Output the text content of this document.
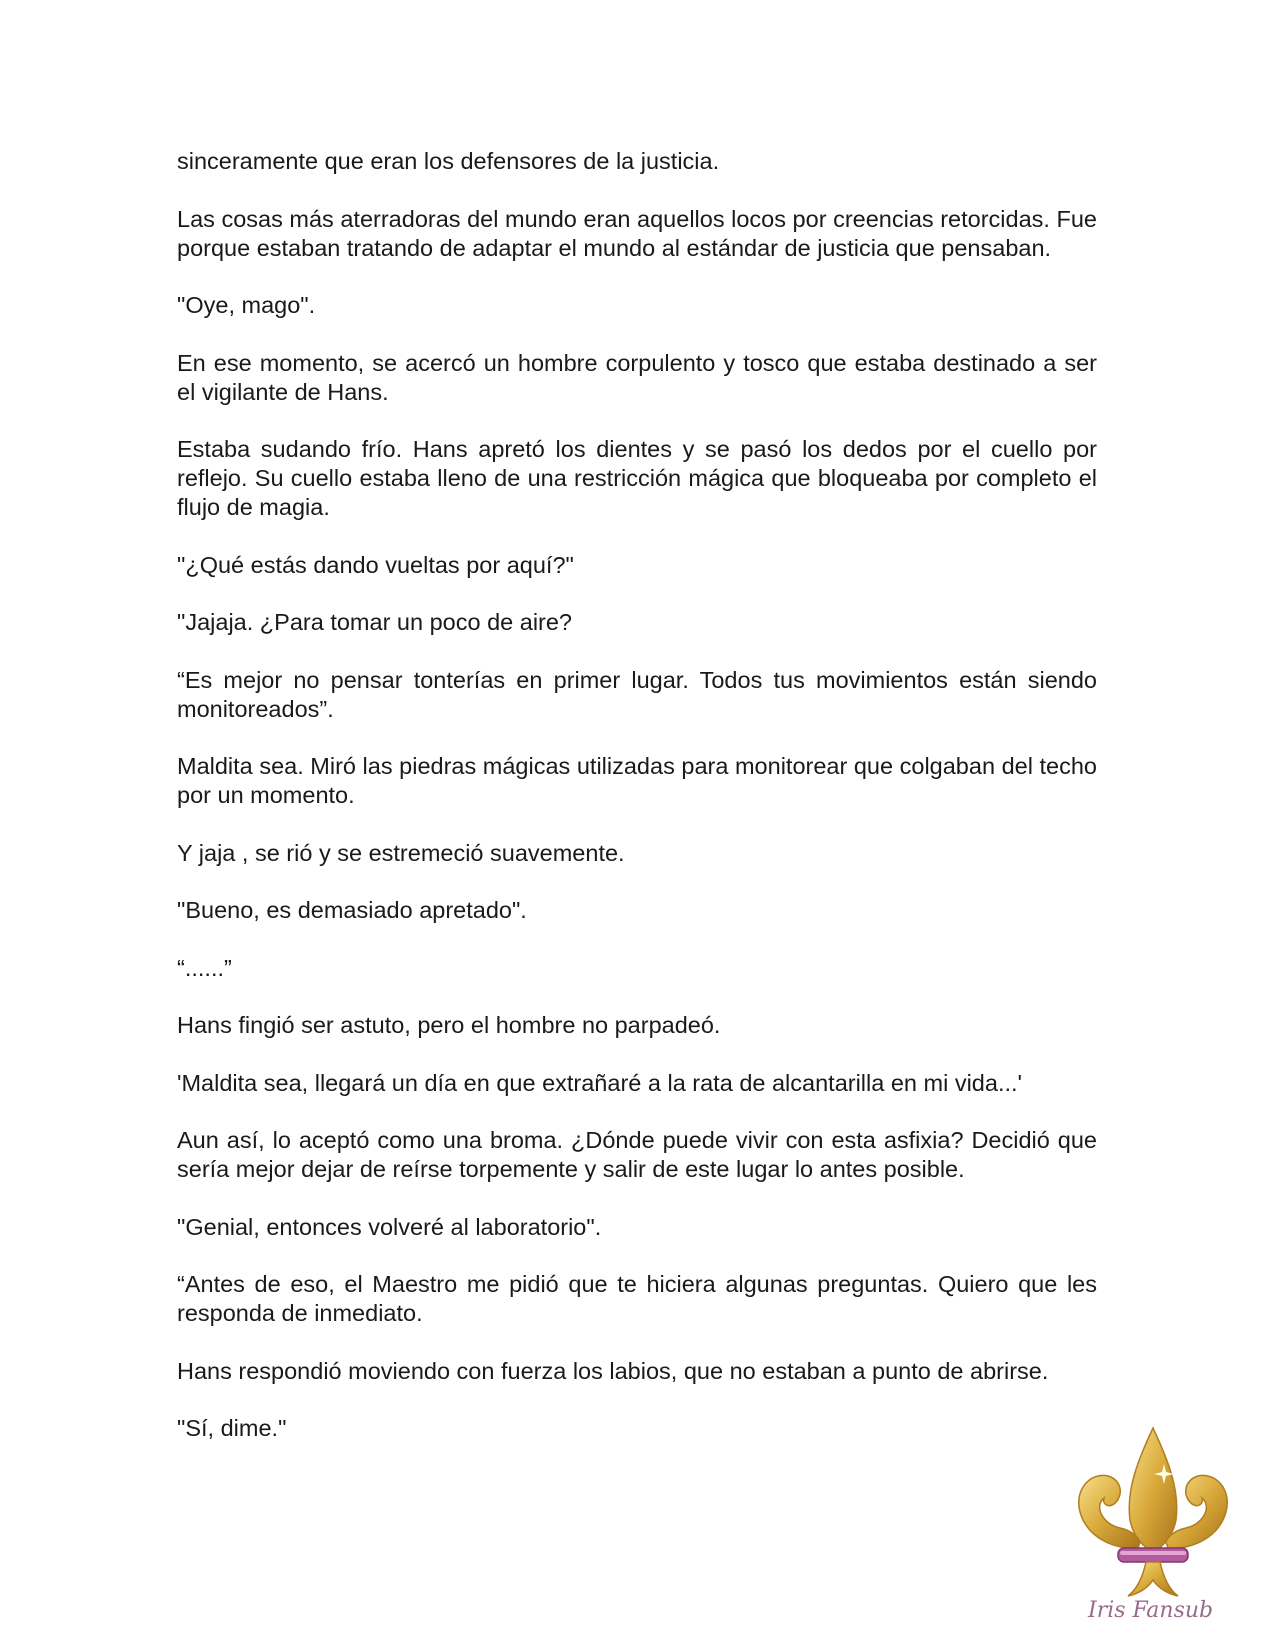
sinceramente que eran los defensores de la justicia.

Las cosas más aterradoras del mundo eran aquellos locos por creencias retorcidas. Fue porque estaban tratando de adaptar el mundo al estándar de justicia que pensaban.

"Oye, mago".

En ese momento, se acercó un hombre corpulento y tosco que estaba destinado a ser el vigilante de Hans.

Estaba sudando frío. Hans apretó los dientes y se pasó los dedos por el cuello por reflejo. Su cuello estaba lleno de una restricción mágica que bloqueaba por completo el flujo de magia.

"¿Qué estás dando vueltas por aquí?"

"Jajaja. ¿Para tomar un poco de aire?

“Es mejor no pensar tonterías en primer lugar. Todos tus movimientos están siendo monitoreados”.

Maldita sea. Miró las piedras mágicas utilizadas para monitorear que colgaban del techo por un momento.

Y jaja , se rió y se estremeció suavemente.

"Bueno, es demasiado apretado".

“......”

Hans fingió ser astuto, pero el hombre no parpadeó.

'Maldita sea, llegará un día en que extrañaré a la rata de alcantarilla en mi vida...'

Aun así, lo aceptó como una broma. ¿Dónde puede vivir con esta asfixia? Decidió que sería mejor dejar de reírse torpemente y salir de este lugar lo antes posible.

"Genial, entonces volveré al laboratorio".

“Antes de eso, el Maestro me pidió que te hiciera algunas preguntas. Quiero que les responda de inmediato.

Hans respondió moviendo con fuerza los labios, que no estaban a punto de abrirse.

"Sí, dime."

Iris Fansub
